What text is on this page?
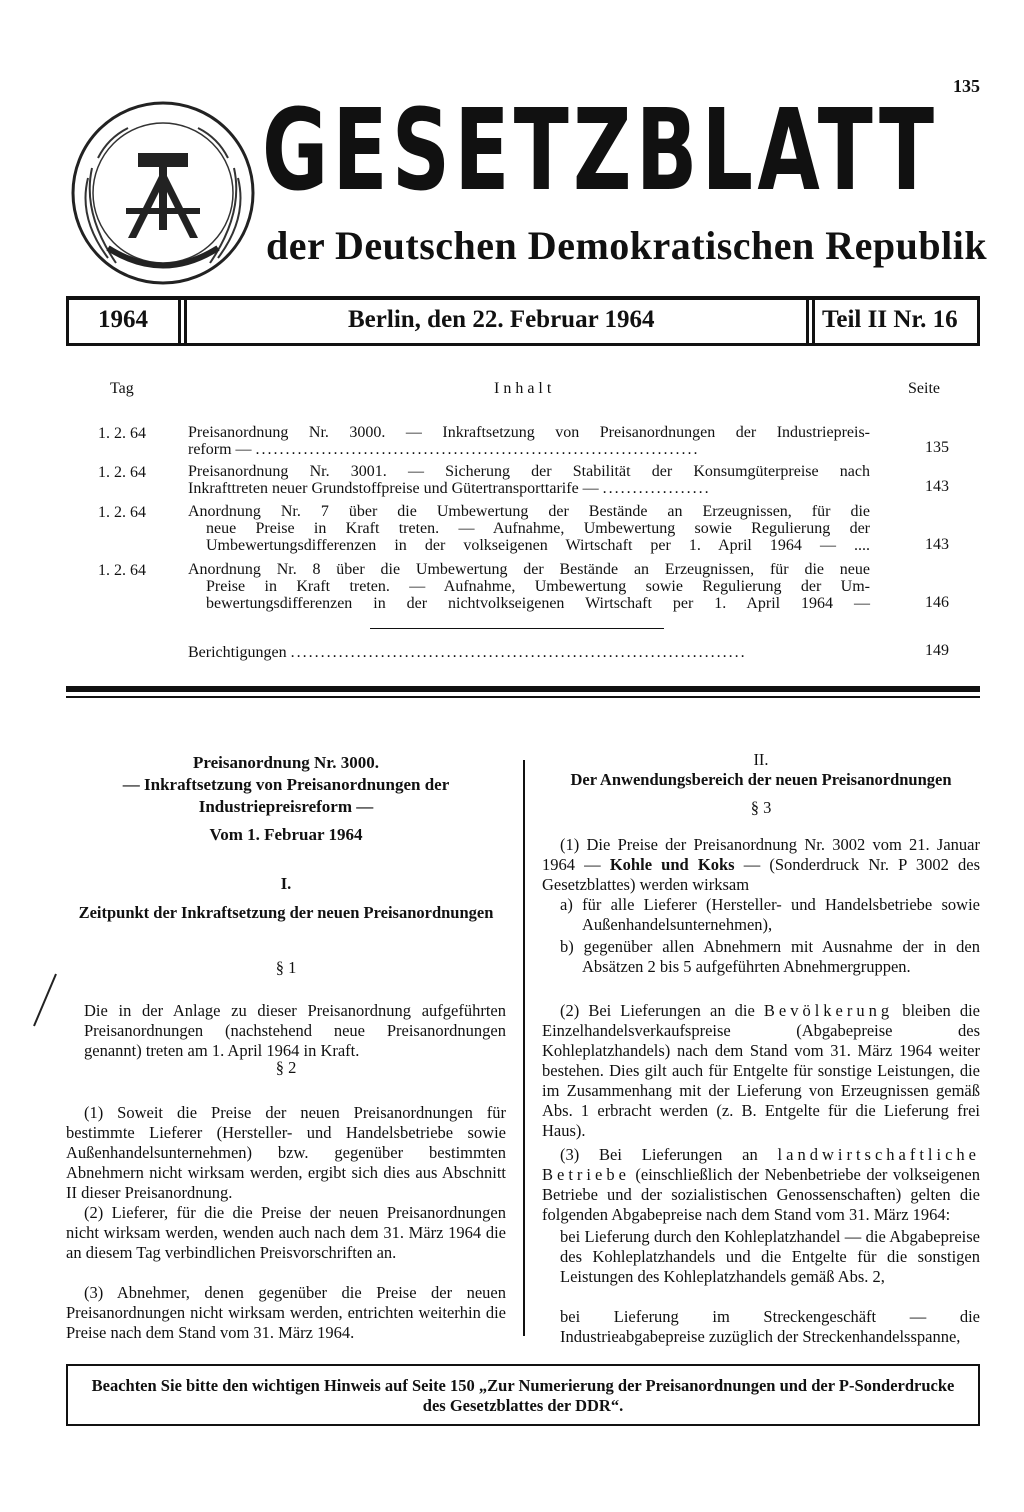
135
GESETZBLATT
der Deutschen Demokratischen Republik
1964	Berlin, den 22. Februar 1964	Teil II Nr. 16
Tag	Inhalt	Seite
1. 2. 64	Preisanordnung Nr. 3000. — Inkraftsetzung von Preisanordnungen der Industriepreis-
reform — ..........................................................................	135
1. 2. 64	Preisanordnung Nr. 3001. — Sicherung der Stabilität der Konsumgüterpreise nach
Inkrafttreten neuer Grundstoffpreise und Gütertransporttarife — ..................	143
1. 2. 64	Anordnung Nr. 7 über die Umbewertung der Bestände an Erzeugnissen, für die
neue Preise in Kraft treten. — Aufnahme, Umbewertung sowie Regulierung der
Umbewertungsdifferenzen in der volkseigenen Wirtschaft per 1. April 1964 — ....	143
1. 2. 64	Anordnung Nr. 8 über die Umbewertung der Bestände an Erzeugnissen, für die neue
Preise in Kraft treten. — Aufnahme, Umbewertung sowie Regulierung der Um-
bewertungsdifferenzen in der nichtvolkseigenen Wirtschaft per 1. April 1964 —	146
Berichtigungen ............................................................................	149
Preisanordnung Nr. 3000.
— Inkraftsetzung von Preisanordnungen der
Industriepreisreform —
Vom 1. Februar 1964
I.
Zeitpunkt der Inkraftsetzung der neuen Preisanordnungen
§ 1

Die in der Anlage zu dieser Preisanordnung aufgeführten Preisanordnungen (nachstehend neue Preisanordnungen genannt) treten am 1. April 1964 in Kraft.

§ 2

(1) Soweit die Preise der neuen Preisanordnungen für bestimmte Lieferer (Hersteller- und Handelsbetriebe sowie Außenhandelsunternehmen) bzw. gegenüber bestimmten Abnehmern nicht wirksam werden, ergibt sich dies aus Abschnitt II dieser Preisanordnung.

(2) Lieferer, für die die Preise der neuen Preisanordnungen nicht wirksam werden, wenden auch nach dem 31. März 1964 die an diesem Tag verbindlichen Preisvorschriften an.

(3) Abnehmer, denen gegenüber die Preise der neuen Preisanordnungen nicht wirksam werden, entrichten weiterhin die Preise nach dem Stand vom 31. März 1964.

II.
Der Anwendungsbereich der neuen Preisanordnungen
§ 3

(1) Die Preise der Preisanordnung Nr. 3002 vom 21. Januar 1964 — Kohle und Koks — (Sonderdruck Nr. P 3002 des Gesetzblattes) werden wirksam

a) für alle Lieferer (Hersteller- und Handelsbetriebe sowie Außenhandelsunternehmen),

b) gegenüber allen Abnehmern mit Ausnahme der in den Absätzen 2 bis 5 aufgeführten Abnehmergruppen.

(2) Bei Lieferungen an die Bevölkerung bleiben die Einzelhandelsverkaufspreise (Abgabepreise des Kohleplatzhandels) nach dem Stand vom 31. März 1964 weiter bestehen. Dies gilt auch für Entgelte für sonstige Leistungen, die im Zusammenhang mit der Lieferung von Erzeugnissen gemäß Abs. 1 erbracht werden (z. B. Entgelte für die Lieferung frei Haus).

(3) Bei Lieferungen an landwirtschaftliche Betriebe (einschließlich der Nebenbetriebe der volkseigenen Betriebe und der sozialistischen Genossenschaften) gelten die folgenden Abgabepreise nach dem Stand vom 31. März 1964:

bei Lieferung durch den Kohleplatzhandel — die Abgabepreise des Kohleplatzhandels und die Entgelte für die sonstigen Leistungen des Kohleplatzhandels gemäß Abs. 2,

bei Lieferung im Streckengeschäft — die Industrieabgabepreise zuzüglich der Streckenhandelsspanne,

Beachten Sie bitte den wichtigen Hinweis auf Seite 150 „Zur Numerierung der Preisanordnungen und der P-Sonderdrucke des Gesetzblattes der DDR“.
